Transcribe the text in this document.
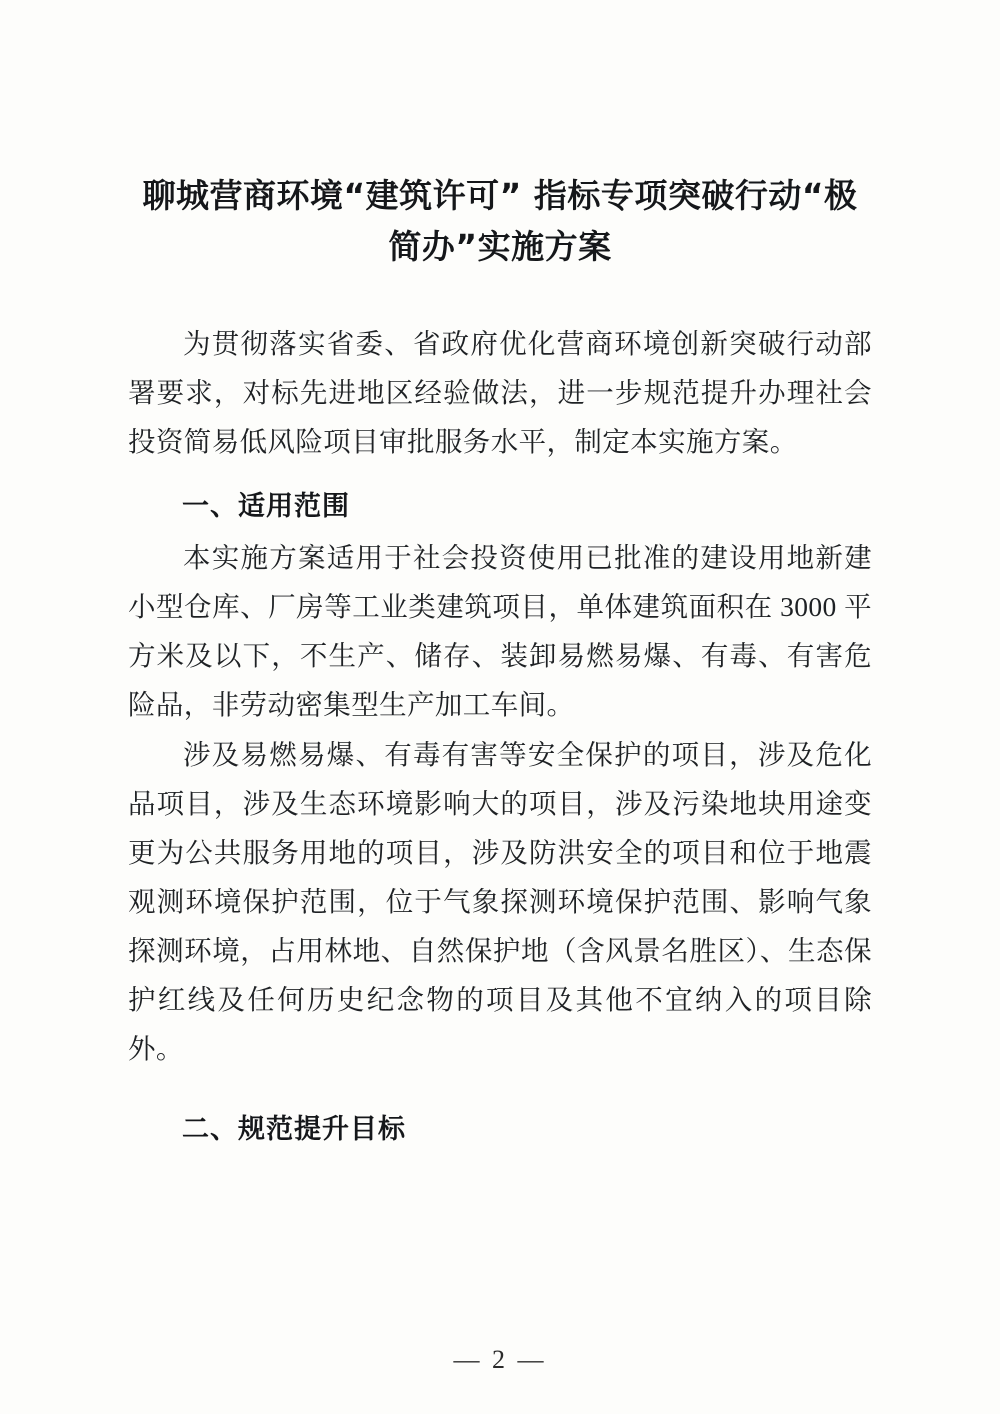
聊城营商环境“建筑许可” 指标专项突破行动“极简办”实施方案

为贯彻落实省委、省政府优化营商环境创新突破行动部署要求，对标先进地区经验做法，进一步规范提升办理社会投资简易低风险项目审批服务水平，制定本实施方案。

一、适用范围

本实施方案适用于社会投资使用已批准的建设用地新建小型仓库、厂房等工业类建筑项目，单体建筑面积在 3000 平方米及以下，不生产、储存、装卸易燃易爆、有毒、有害危险品，非劳动密集型生产加工车间。

涉及易燃易爆、有毒有害等安全保护的项目，涉及危化品项目，涉及生态环境影响大的项目，涉及污染地块用途变更为公共服务用地的项目，涉及防洪安全的项目和位于地震观测环境保护范围，位于气象探测环境保护范围、影响气象探测环境，占用林地、自然保护地（含风景名胜区）、生态保护红线及任何历史纪念物的项目及其他不宜纳入的项目除外。

二、规范提升目标
— 2 —
